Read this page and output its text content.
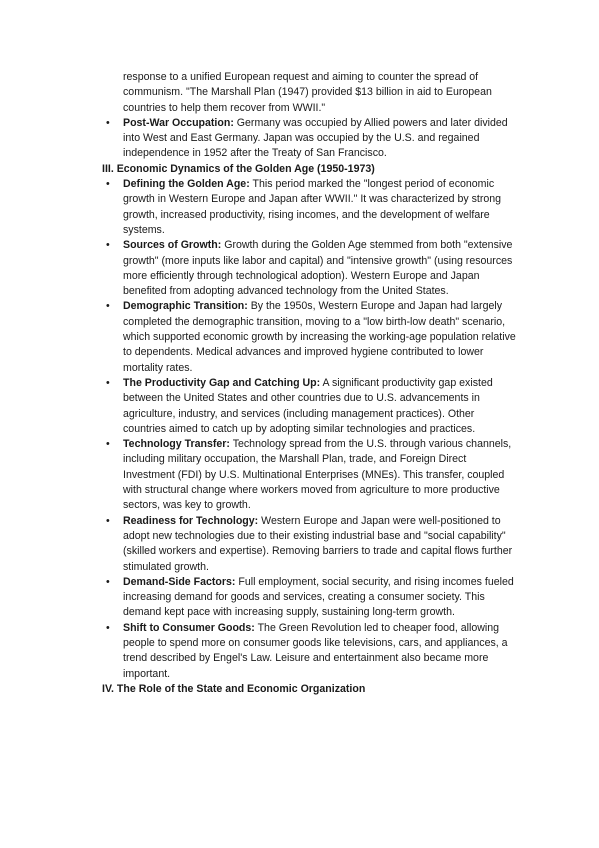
response to a unified European request and aiming to counter the spread of communism. "The Marshall Plan (1947) provided $13 billion in aid to European countries to help them recover from WWII."

• Post-War Occupation: Germany was occupied by Allied powers and later divided into West and East Germany. Japan was occupied by the U.S. and regained independence in 1952 after the Treaty of San Francisco.

III. Economic Dynamics of the Golden Age (1950-1973)

• Defining the Golden Age: This period marked the "longest period of economic growth in Western Europe and Japan after WWII." It was characterized by strong growth, increased productivity, rising incomes, and the development of welfare systems.
• Sources of Growth: Growth during the Golden Age stemmed from both "extensive growth" (more inputs like labor and capital) and "intensive growth" (using resources more efficiently through technological adoption). Western Europe and Japan benefited from adopting advanced technology from the United States.
• Demographic Transition: By the 1950s, Western Europe and Japan had largely completed the demographic transition, moving to a "low birth-low death" scenario, which supported economic growth by increasing the working-age population relative to dependents. Medical advances and improved hygiene contributed to lower mortality rates.
• The Productivity Gap and Catching Up: A significant productivity gap existed between the United States and other countries due to U.S. advancements in agriculture, industry, and services (including management practices). Other countries aimed to catch up by adopting similar technologies and practices.
• Technology Transfer: Technology spread from the U.S. through various channels, including military occupation, the Marshall Plan, trade, and Foreign Direct Investment (FDI) by U.S. Multinational Enterprises (MNEs). This transfer, coupled with structural change where workers moved from agriculture to more productive sectors, was key to growth.
• Readiness for Technology: Western Europe and Japan were well-positioned to adopt new technologies due to their existing industrial base and "social capability" (skilled workers and expertise). Removing barriers to trade and capital flows further stimulated growth.
• Demand-Side Factors: Full employment, social security, and rising incomes fueled increasing demand for goods and services, creating a consumer society. This demand kept pace with increasing supply, sustaining long-term growth.
• Shift to Consumer Goods: The Green Revolution led to cheaper food, allowing people to spend more on consumer goods like televisions, cars, and appliances, a trend described by Engel's Law. Leisure and entertainment also became more important.

IV. The Role of the State and Economic Organization
